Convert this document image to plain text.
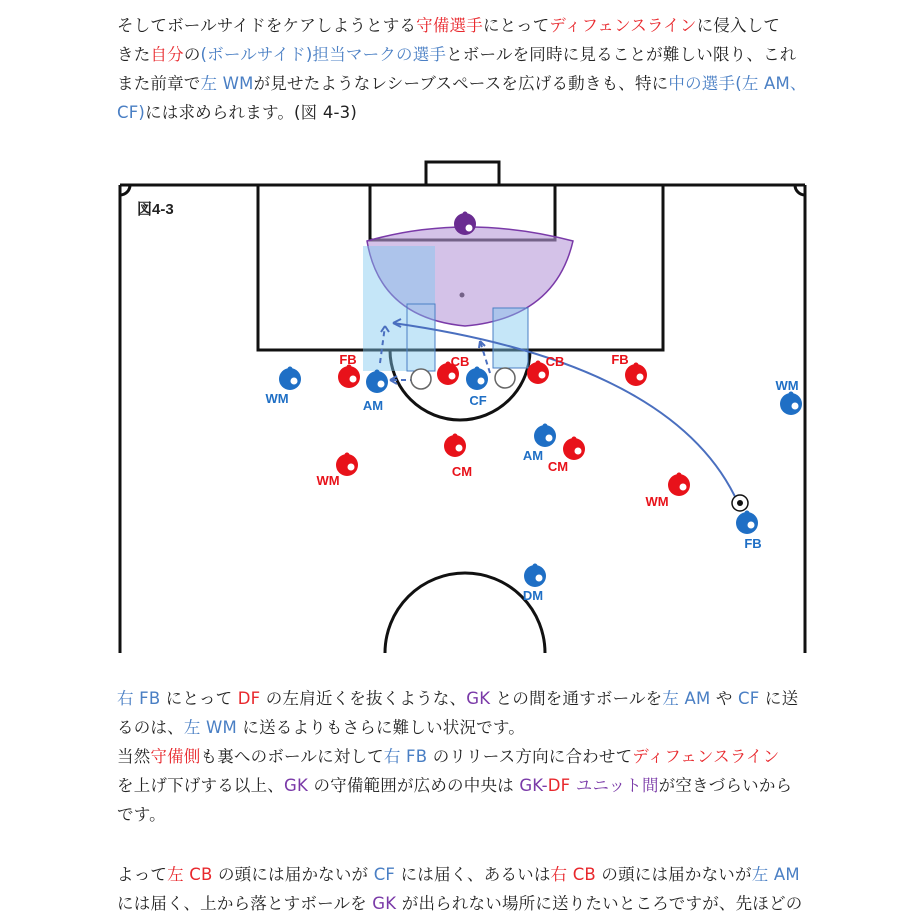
そしてボールサイドをケアしようとする守備選手にとってディフェンスラインに侵入して
きた自分の(ボールサイド)担当マークの選手とボールを同時に見ることが難しい限り、これ
また前章で左 WMが見せたようなレシーブスペースを広げる動きも、特に中の選手(左 AM、
CF)には求められます。(図 4-3)
WM	AM	CF
WM
AM
FB
DM
FB	CB	CB	FB
CM	CM
WM
WM
図4-3
右 FB にとって DF の左肩近くを抜くような、GK との間を通すボールを左 AM や CF に送
るのは、左 WM に送るよりもさらに難しい状況です。
当然守備側も裏へのボールに対して右 FB のリリース方向に合わせてディフェンスライン
を上げ下げする以上、GK の守備範囲が広めの中央は GK-DF ユニット間が空きづらいから
です。
よって左 CB の頭には届かないが CF には届く、あるいは右 CB の頭には届かないが左 AM
には届く、上から落とすボールを GK が出られない場所に送りたいところですが、先ほどの
